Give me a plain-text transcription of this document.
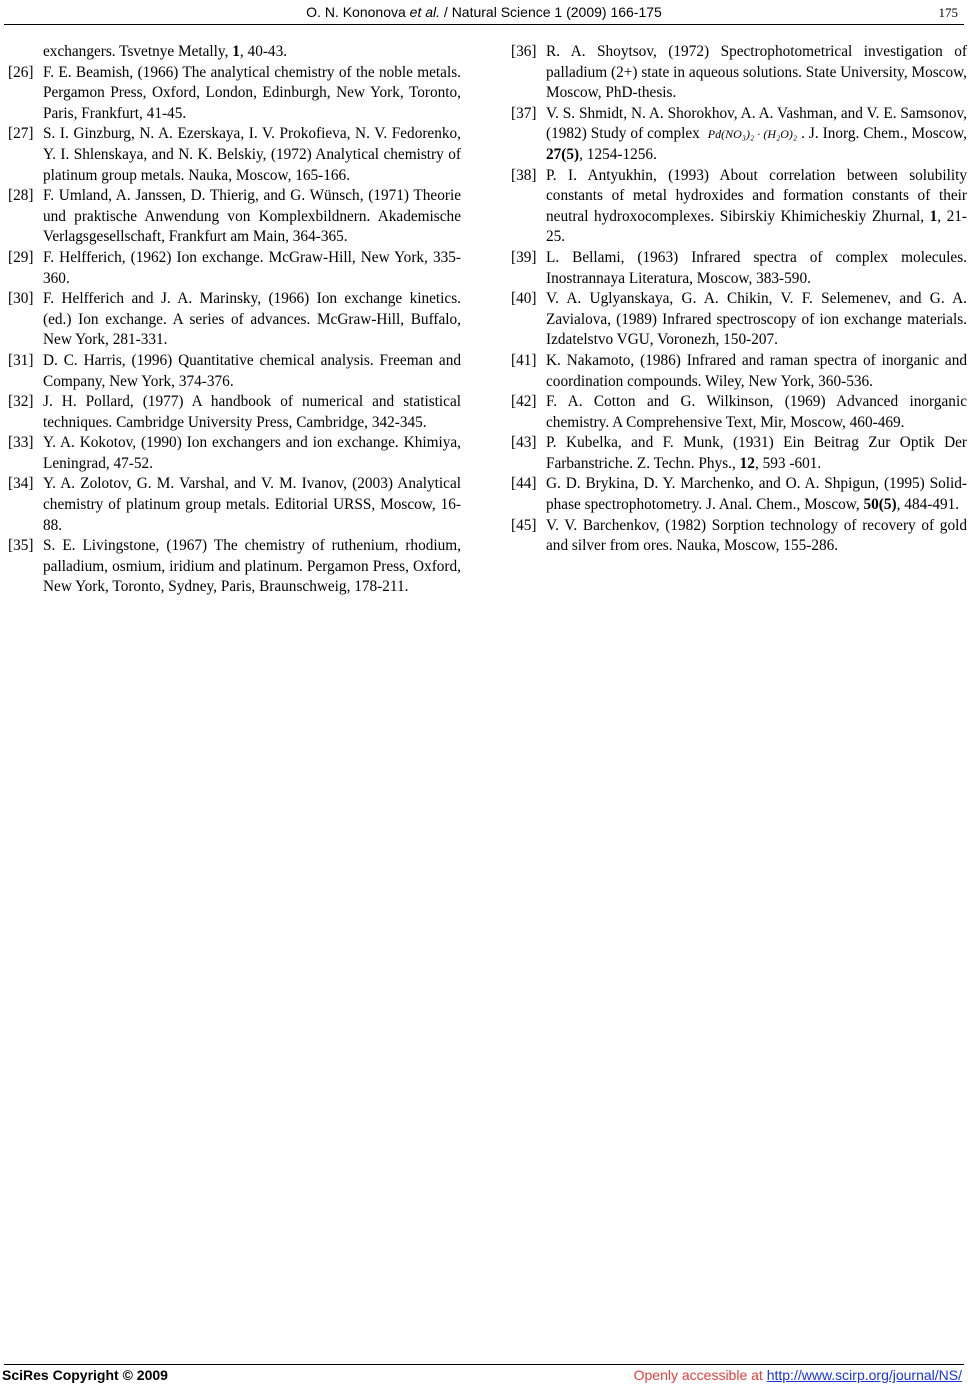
O. N. Kononova et al. / Natural Science 1 (2009) 166-175	175
exchangers. Tsvetnye Metally, 1, 40-43.
[26] F. E. Beamish, (1966) The analytical chemistry of the noble metals. Pergamon Press, Oxford, London, Edinburgh, New York, Toronto, Paris, Frankfurt, 41-45.
[27] S. I. Ginzburg, N. A. Ezerskaya, I. V. Prokofieva, N. V. Fedorenko, Y. I. Shlenskaya, and N. K. Belskiy, (1972) Analytical chemistry of platinum group metals. Nauka, Moscow, 165-166.
[28] F. Umland, A. Janssen, D. Thierig, and G. Wünsch, (1971) Theorie und praktische Anwendung von Komplexbildnern. Akademische Verlagsgesellschaft, Frankfurt am Main, 364-365.
[29] F. Helfferich, (1962) Ion exchange. McGraw-Hill, New York, 335-360.
[30] F. Helfferich and J. A. Marinsky, (1966) Ion exchange kinetics. (ed.) Ion exchange. A series of advances. McGraw-Hill, Buffalo, New York, 281-331.
[31] D. C. Harris, (1996) Quantitative chemical analysis. Freeman and Company, New York, 374-376.
[32] J. H. Pollard, (1977) A handbook of numerical and statistical techniques. Cambridge University Press, Cambridge, 342-345.
[33] Y. A. Kokotov, (1990) Ion exchangers and ion exchange. Khimiya, Leningrad, 47-52.
[34] Y. A. Zolotov, G. M. Varshal, and V. M. Ivanov, (2003) Analytical chemistry of platinum group metals. Editorial URSS, Moscow, 16-88.
[35] S. E. Livingstone, (1967) The chemistry of ruthenium, rhodium, palladium, osmium, iridium and platinum. Pergamon Press, Oxford, New York, Toronto, Sydney, Paris, Braunschweig, 178-211.
[36] R. A. Shoytsov, (1972) Spectrophotometrical investigation of palladium (2+) state in aqueous solutions. State University, Moscow, Moscow, PhD-thesis.
[37] V. S. Shmidt, N. A. Shorokhov, A. A. Vashman, and V. E. Samsonov, (1982) Study of complex Pd(NO₃)₂ · (H₂O)₂ . J. Inorg. Chem., Moscow, 27(5), 1254-1256.
[38] P. I. Antyukhin, (1993) About correlation between solubility constants of metal hydroxides and formation constants of their neutral hydroxocomplexes. Sibirskiy Khimicheskiy Zhurnal, 1, 21-25.
[39] L. Bellami, (1963) Infrared spectra of complex molecules. Inostrannaya Literatura, Moscow, 383-590.
[40] V. A. Uglyanskaya, G. A. Chikin, V. F. Selemenev, and G. A. Zavialova, (1989) Infrared spectroscopy of ion exchange materials. Izdatelstvo VGU, Voronezh, 150-207.
[41] K. Nakamoto, (1986) Infrared and raman spectra of inorganic and coordination compounds. Wiley, New York, 360-536.
[42] F. A. Cotton and G. Wilkinson, (1969) Advanced inorganic chemistry. A Comprehensive Text, Mir, Moscow, 460-469.
[43] P. Kubelka, and F. Munk, (1931) Ein Beitrag Zur Optik Der Farbanstriche. Z. Techn. Phys., 12, 593 -601.
[44] G. D. Brykina, D. Y. Marchenko, and O. A. Shpigun, (1995) Solid-phase spectrophotometry. J. Anal. Chem., Moscow, 50(5), 484-491.
[45] V. V. Barchenkov, (1982) Sorption technology of recovery of gold and silver from ores. Nauka, Moscow, 155-286.
SciRes Copyright © 2009	Openly accessible at http://www.scirp.org/journal/NS/
